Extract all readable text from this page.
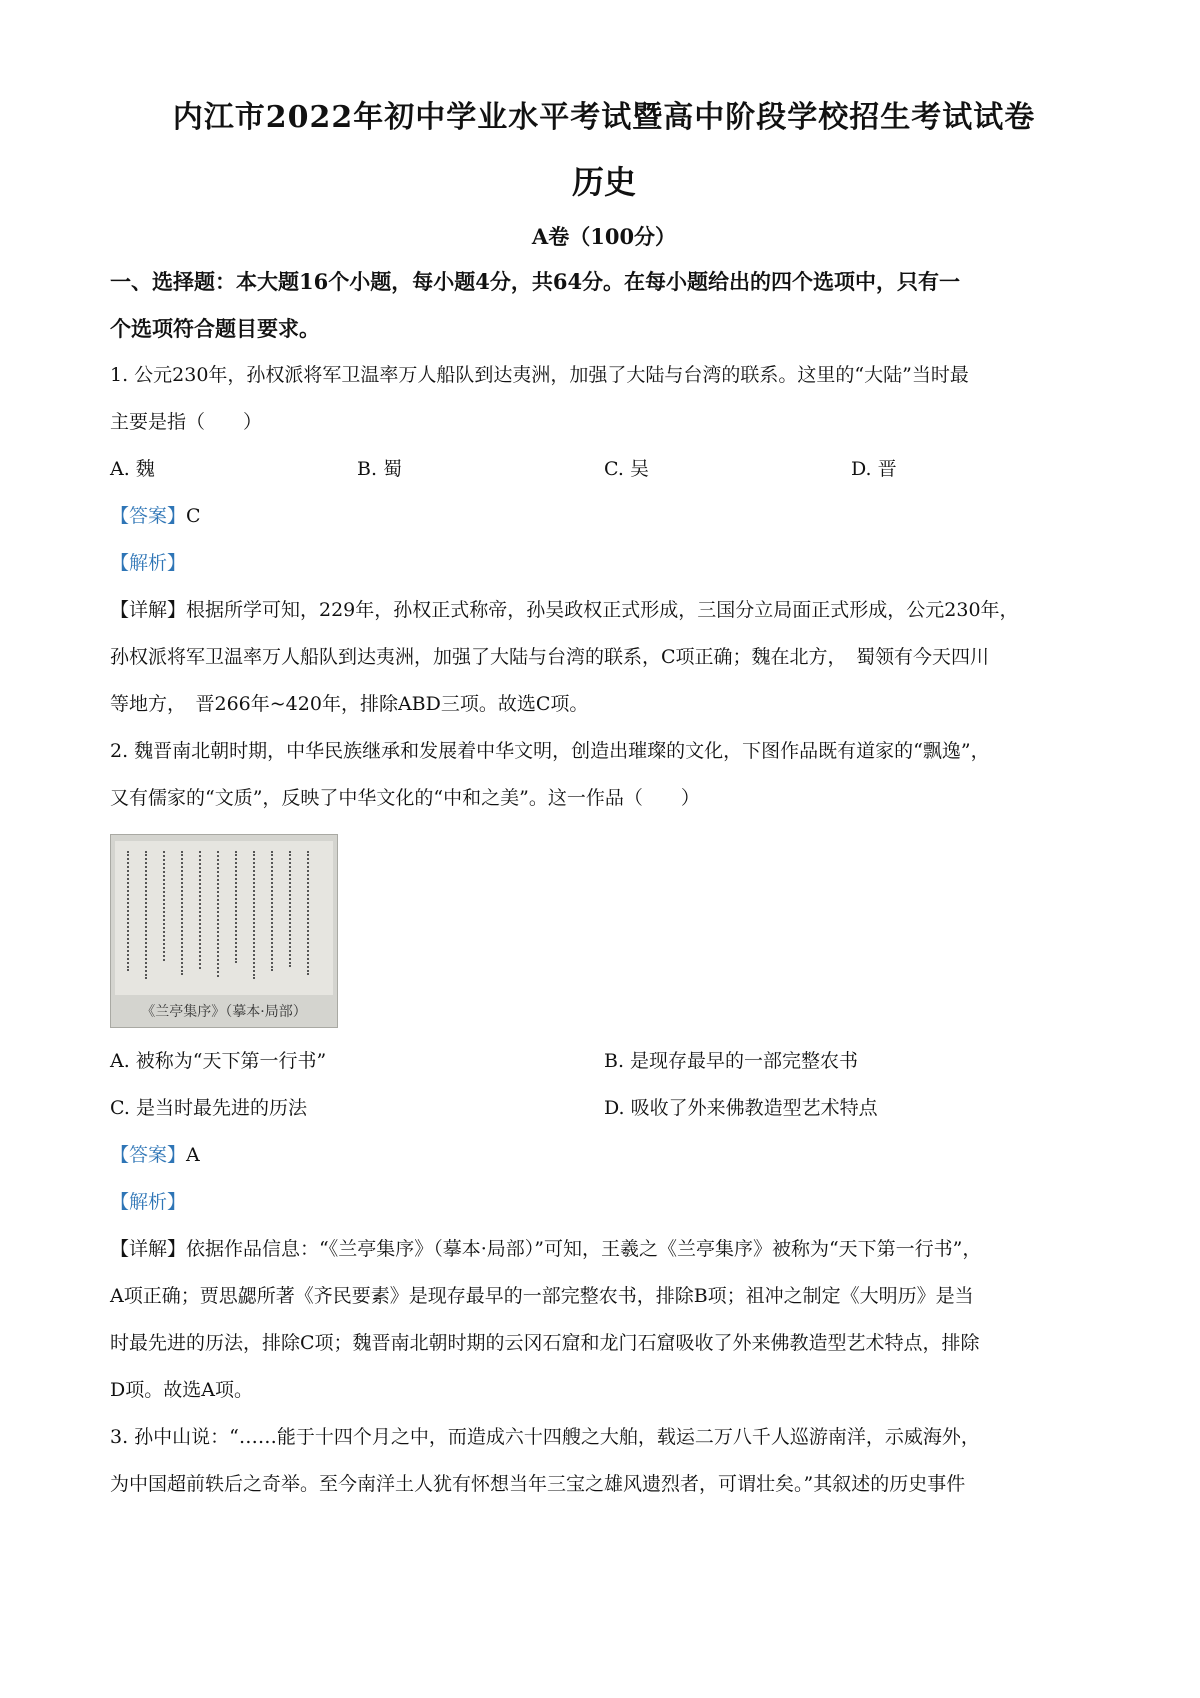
内江市2022年初中学业水平考试暨高中阶段学校招生考试试卷
历史
A卷（100分）
一、选择题：本大题16个小题，每小题4分，共64分。在每小题给出的四个选项中，只有一
个选项符合题目要求。

1. 公元230年，孙权派将军卫温率万人船队到达夷洲，加强了大陆与台湾的联系。这里的“大陆”当时最

主要是指（　　）

A. 魏	B. 蜀	C. 吴	D. 晋

【答案】C

【解析】

【详解】根据所学可知，229年，孙权正式称帝，孙吴政权正式形成，三国分立局面正式形成，公元230年，

孙权派将军卫温率万人船队到达夷洲，加强了大陆与台湾的联系，C项正确；魏在北方，　蜀领有今天四川

等地方，　晋266年~420年，排除ABD三项。故选C项。

2. 魏晋南北朝时期，中华民族继承和发展着中华文明，创造出璀璨的文化，下图作品既有道家的“飘逸”，

又有儒家的“文质”，反映了中华文化的“中和之美”。这一作品（　　）

《兰亭集序》（摹本·局部）
A. 被称为“天下第一行书”	B. 是现存最早的一部完整农书
C. 是当时最先进的历法	D. 吸收了外来佛教造型艺术特点

【答案】A

【解析】

【详解】依据作品信息：“《兰亭集序》（摹本·局部）”可知，王羲之《兰亭集序》被称为“天下第一行书”，

A项正确；贾思勰所著《齐民要素》是现存最早的一部完整农书，排除B项；祖冲之制定《大明历》是当

时最先进的历法，排除C项；魏晋南北朝时期的云冈石窟和龙门石窟吸收了外来佛教造型艺术特点，排除

D项。故选A项。

3. 孙中山说：“……能于十四个月之中，而造成六十四艘之大舶，载运二万八千人巡游南洋，示威海外，

为中国超前轶后之奇举。至今南洋土人犹有怀想当年三宝之雄风遗烈者，可谓壮矣。”其叙述的历史事件
